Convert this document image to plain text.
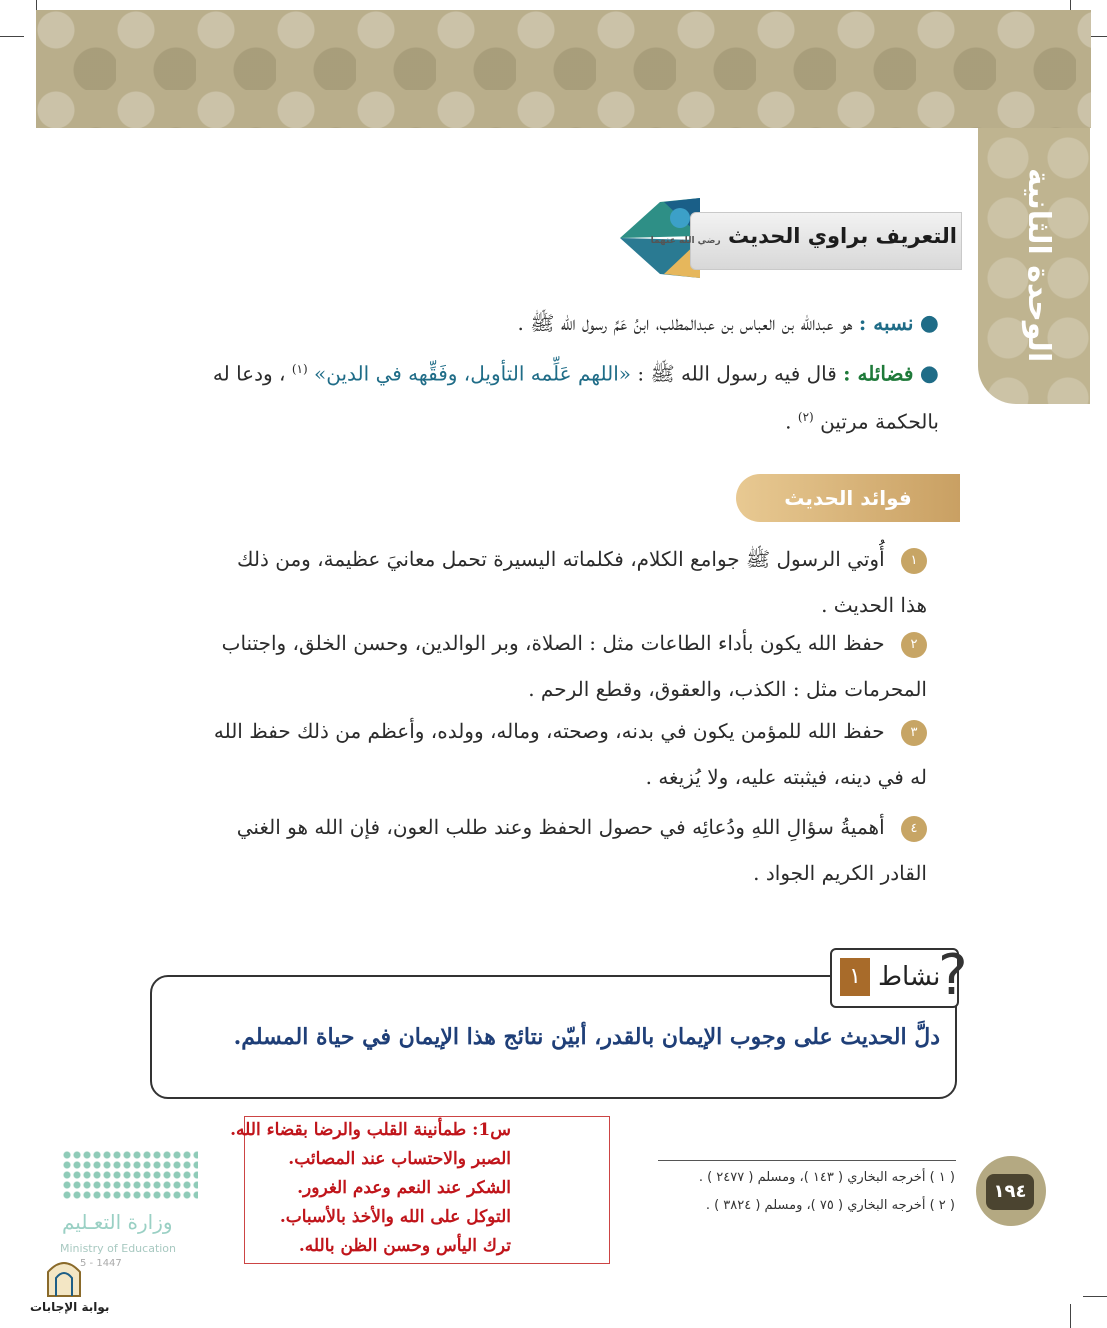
الوحدة الثانية
التعريف براوي الحديث رضي الله عنهما
● نسبه : هو عبدالله بن العباس بن عبدالمطلب، ابنُ عَمِّ رسول الله ﷺ .
● فضائله : قال فيه رسول الله ﷺ : «اللهم عَلِّمه التأويل، وفَقِّهه في الدين» $^{(١)}$ ، ودعا له
بالحكمة مرتين $^{(٢)}$ .
فوائد الحديث
١ أُوتي الرسول ﷺ جوامع الكلام، فكلماته اليسيرة تحمل معانيَ عظيمة، ومن ذلك هذا الحديث .
٢ حفظ الله يكون بأداء الطاعات مثل : الصلاة، وبر الوالدين، وحسن الخلق، واجتناب المحرمات مثل : الكذب، والعقوق، وقطع الرحم .
٣ حفظ الله للمؤمن يكون في بدنه، وصحته، وماله، وولده، وأعظم من ذلك حفظ الله له في دينه، فيثبته عليه، ولا يُزيغه .
٤ أهميةُ سؤالِ اللهِ ودُعائِه في حصول الحفظ وعند طلب العون، فإن الله هو الغني القادر الكريم الجواد .
١ نشاط
?
دلَّ الحديث على وجوب الإيمان بالقدر، أبيّن نتائج هذا الإيمان في حياة المسلم.
س1: طمأنينة القلب والرضا بقضاء الله.
الصبر والاحتساب عند المصائب.
الشكر عند النعم وعدم الغرور.
التوكل على الله والأخذ بالأسباب.
ترك اليأس وحسن الظن بالله.
( ١ ) أخرجه البخاري ( ١٤٣ )، ومسلم ( ٢٤٧٧ ) .
( ٢ ) أخرجه البخاري ( ٧٥ )، ومسلم ( ٣٨٢٤ ) .
١٩٤
وزارة التعـليم
Ministry of Education
5 - 1447
بوابة الإجابات
